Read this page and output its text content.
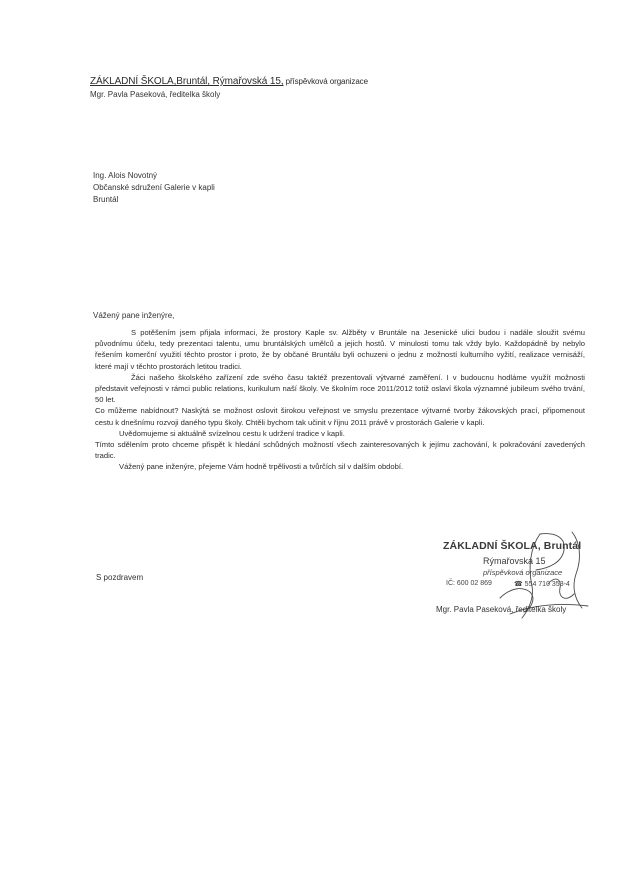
ZÁKLADNÍ ŠKOLA,Bruntál, Rýmařovská 15, příspěvková organizace
Mgr. Pavla Paseková, ředitelka školy
Ing. Alois Novotný
Občanské sdružení Galerie v kapli
Bruntál
Vážený pane inženýre,

S potěšením jsem přijala informaci, že prostory Kaple sv. Alžběty v Bruntále na Jesenické ulici budou i nadále sloužit svému původnímu účelu, tedy prezentaci talentu, umu bruntálských umělců a jejich hostů. V minulosti tomu tak vždy bylo. Každopádně by nebylo řešením komerční využití těchto prostor i proto, že by občané Bruntálu byli ochuzeni o jednu z možností kulturního vyžití, realizace vernisáží, které mají v těchto prostorách letitou tradici.

Žáci našeho školského zařízení zde svého času taktéž prezentovali výtvarné zaměření. I v budoucnu hodláme využít možnosti představit veřejnosti v rámci public relations, kurikulum naší školy. Ve školním roce 2011/2012 totiž oslaví škola významné jubileum svého trvání, 50 let.

Co můžeme nabídnout? Naskýtá se možnost oslovit širokou veřejnost ve smyslu prezentace výtvarné tvorby žákovských prací, připomenout cestu k dnešnímu rozvoji daného typu školy. Chtěli bychom tak učinit v říjnu 2011 právě v prostorách Galerie v kapli.

Uvědomujeme si aktuálně svízelnou cestu k udržení tradice v kapli.

Tímto sdělením proto chceme přispět k hledání schůdných možností všech zainteresovaných k jejímu zachování, k pokračování zavedených tradic.

Vážený pane inženýre, přejeme Vám hodně trpělivosti a tvůrčích sil v dalším období.

S pozdravem
ZÁKLADNÍ ŠKOLA, Bruntál
Rýmařovská 15
příspěvková organizace
IČ: 600 02 869	☎ 554 710 353-4
Mgr. Pavla Paseková, ředitelka školy
